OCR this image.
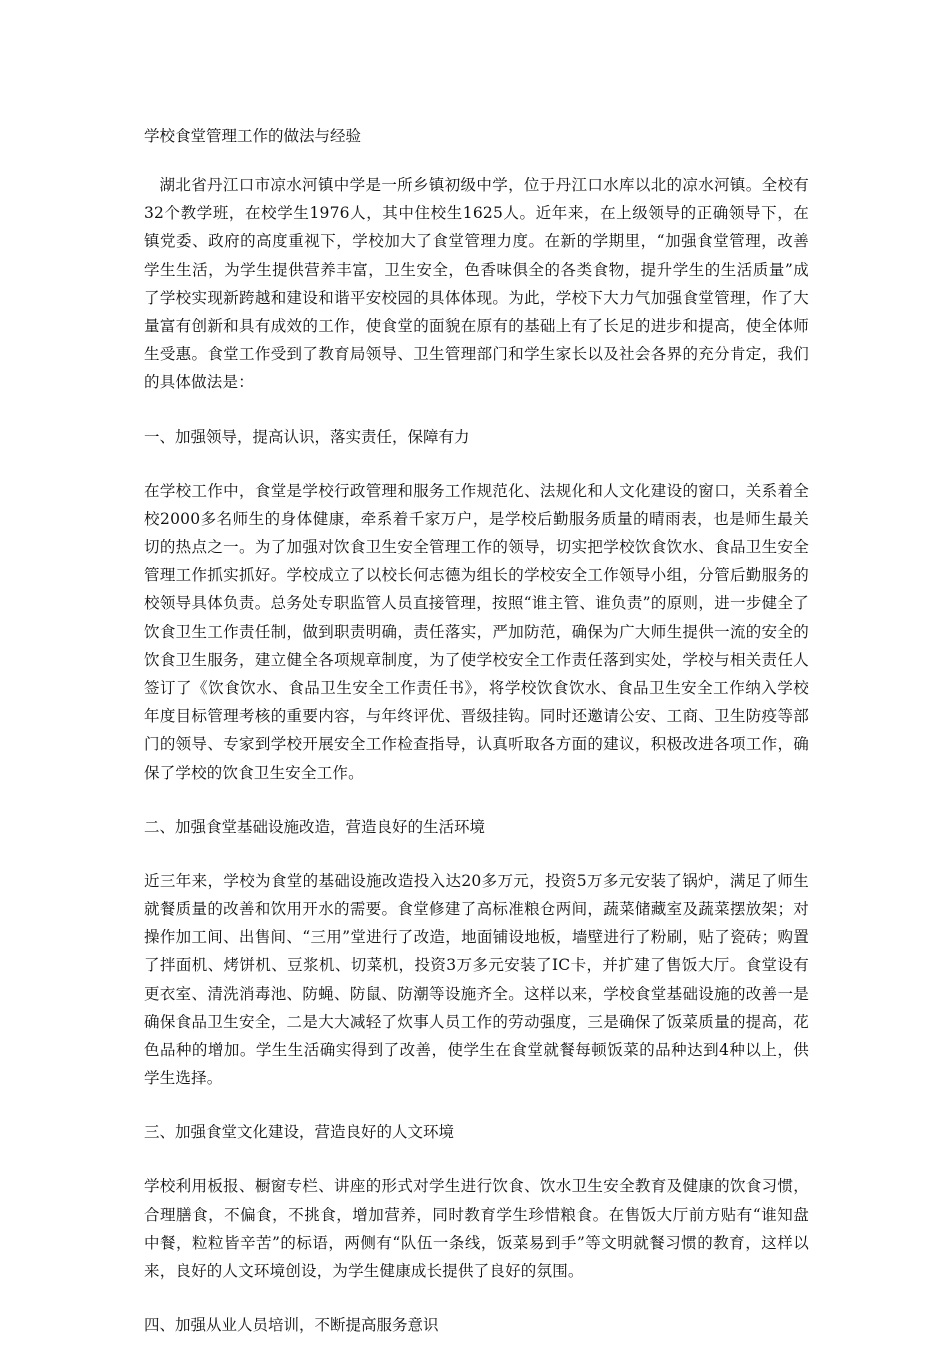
学校食堂管理工作的做法与经验

湖北省丹江口市凉水河镇中学是一所乡镇初级中学，位于丹江口水库以北的凉水河镇。全校有32个教学班，在校学生1976人，其中住校生1625人。近年来，在上级领导的正确领导下，在镇党委、政府的高度重视下，学校加大了食堂管理力度。在新的学期里，“加强食堂管理，改善学生生活，为学生提供营养丰富，卫生安全，色香味俱全的各类食物，提升学生的生活质量”成了学校实现新跨越和建设和谐平安校园的具体体现。为此，学校下大力气加强食堂管理，作了大量富有创新和具有成效的工作，使食堂的面貌在原有的基础上有了长足的进步和提高，使全体师生受惠。食堂工作受到了教育局领导、卫生管理部门和学生家长以及社会各界的充分肯定，我们的具体做法是：

一、加强领导，提高认识，落实责任，保障有力

在学校工作中，食堂是学校行政管理和服务工作规范化、法规化和人文化建设的窗口，关系着全校2000多名师生的身体健康，牵系着千家万户，是学校后勤服务质量的晴雨表，也是师生最关切的热点之一。为了加强对饮食卫生安全管理工作的领导，切实把学校饮食饮水、食品卫生安全管理工作抓实抓好。学校成立了以校长何志德为组长的学校安全工作领导小组，分管后勤服务的校领导具体负责。总务处专职监管人员直接管理，按照“谁主管、谁负责”的原则，进一步健全了饮食卫生工作责任制，做到职责明确，责任落实，严加防范，确保为广大师生提供一流的安全的饮食卫生服务，建立健全各项规章制度，为了使学校安全工作责任落到实处，学校与相关责任人签订了《饮食饮水、食品卫生安全工作责任书》，将学校饮食饮水、食品卫生安全工作纳入学校年度目标管理考核的重要内容，与年终评优、晋级挂钩。同时还邀请公安、工商、卫生防疫等部门的领导、专家到学校开展安全工作检查指导，认真听取各方面的建议，积极改进各项工作，确保了学校的饮食卫生安全工作。

二、加强食堂基础设施改造，营造良好的生活环境

近三年来，学校为食堂的基础设施改造投入达20多万元，投资5万多元安装了锅炉，满足了师生就餐质量的改善和饮用开水的需要。食堂修建了高标准粮仓两间，蔬菜储藏室及蔬菜摆放架；对操作加工间、出售间、“三用”堂进行了改造，地面铺设地板，墙壁进行了粉刷，贴了瓷砖；购置了拌面机、烤饼机、豆浆机、切菜机，投资3万多元安装了IC卡，并扩建了售饭大厅。食堂设有更衣室、清洗消毒池、防蝇、防鼠、防潮等设施齐全。这样以来，学校食堂基础设施的改善一是确保食品卫生安全，二是大大减轻了炊事人员工作的劳动强度，三是确保了饭菜质量的提高，花色品种的增加。学生生活确实得到了改善，使学生在食堂就餐每顿饭菜的品种达到4种以上，供学生选择。

三、加强食堂文化建设，营造良好的人文环境

学校利用板报、橱窗专栏、讲座的形式对学生进行饮食、饮水卫生安全教育及健康的饮食习惯，合理膳食，不偏食，不挑食，增加营养，同时教育学生珍惜粮食。在售饭大厅前方贴有“谁知盘中餐，粒粒皆辛苦”的标语，两侧有“队伍一条线，饭菜易到手”等文明就餐习惯的教育，这样以来，良好的人文环境创设，为学生健康成长提供了良好的氛围。

四、加强从业人员培训，不断提高服务意识
